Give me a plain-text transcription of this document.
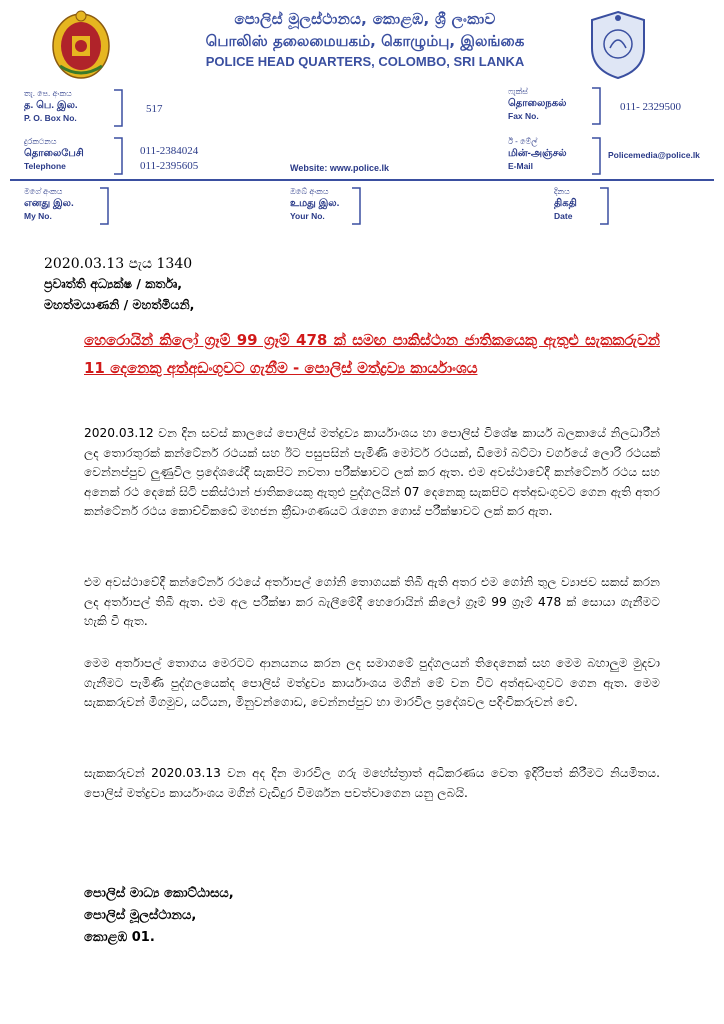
පොලිස් මූලස්ථානය, කොළඹ, ශ්‍රී ලංකාව
பொலிஸ் தலைமையகம், கொழும்பு, இலங்கை
POLICE HEAD QUARTERS, COLOMBO, SRI LANKA
තැ. පෙ. අංකය
த. பெ. இல.
P. O. Box No.
517
ෆැක්ස්
தொலைநகல்
Fax No.
011- 2329500
දුරකථනය
தொலைபேசி
Telephone
011-2384024
011-2395605	Website: www.police.lk
ඊ - මේල්
மின்-அஞ்சல்
E-Mail
Policemedia@police.lk
මගේ අංකය
எனது இல.
My No.
ඔබේ අංකය
உமது இல.
Your No.
දිනය
திகதி
Date
2020.03.13 පැය 1340
ප්‍රවෘත්ති අධ්‍යක්ෂ / කර්තෘ,
මහත්මයාණනි / මහත්මියනි,
හෙරොයින් කිලෝ ග්‍රෑම් 99 ග්‍රෑම් 478 ක් සමඟ පාකිස්ථාන ජාතිකයෙකු ඇතුළු සැකකරුවන් 11 දෙනෙකු අත්අඩංගුවට ගැනීම - පොලිස් මත්ද්‍රව්‍ය කාර්යාංශය
2020.03.12 වන දින සවස් කාලයේ පොලිස් මත්ද්‍රව්‍ය කාර්යාංශය හා පොලිස් විශේෂ කාර්ය බලකායේ නිලධාරීන් ලද තොරතුරක් කන්ටේනර් රථයක් සහ ඊට පසුපසින් පැමිණි මෝටර් රථයක්, ඩීමෝ බට්ටා වර්ගයේ ලොරි රථයක් වෙන්නප්පුව ලුණුවිල ප්‍රදේශයේදී සැකපිට නවතා පරීක්ෂාවට ලක් කර ඇත. එම අවස්ථාවේදී කන්ටේනර් රථය සහ අනෙක් රථ දෙකේ සිටි පකිස්ථාන් ජාතිකයෙකු ඇතුළු පුද්ගලයින් 07 දෙනෙකු සැකපිට අත්අඩංගුවට ගෙන ඇති අතර කන්ටේනර් රථය කොච්චිකඩේ මහජන ක්‍රීඩාංගණයට රැගෙන ගොස් පරීක්ෂාවට ලක් කර ඇත.
එම අවස්ථාවේදී කන්ටේනර් රථයේ අර්තාපල් ගෝනි තොගයක් තිබී ඇති අතර එම ගෝනි තුල ව්‍යාජව සකස් කරන ලද අර්තාපල් තිබී ඇත. එම අල පරීක්ෂා කර බැලීමේදී හෙරොයින් කිලෝ ග්‍රෑම් 99 ග්‍රෑම් 478 ක් සොයා ගැනීමට හැකි වී ඇත.
මෙම අර්තාපල් තොගය මෙරටට ආනයනය කරන ලද සමාගමේ පුද්ගලයන් තිදෙනෙක් සහ මෙම බහාලුම මුදවා ගැනීමට පැමිණි පුද්ගලයෙක්ද පොලිස් මත්ද්‍රව්‍ය කාර්යාංශය මගින් මේ වන විට අත්අඩංගුවට ගෙන ඇත. මෙම සැකකරුවන් මීගමුව, යටියන, මිනුවන්ගොඩ, වෙන්නප්පුව හා මාරවිල ප්‍රදේශවල පදිංචිකරුවන් වේ.
සැකකරුවන් 2020.03.13 වන අද දින මාරවිල ගරු මහේස්ත්‍රාත් අධිකරණය වෙත ඉදිරිපත් කිරීමට නියමිතය. පොලිස් මත්ද්‍රව්‍ය කාර්යාංශය මගින් වැඩිදුර විමර්ශන පවත්වාගෙන යනු ලබයි.
පොලිස් මාධ්‍ය කොට්ඨාසය,
පොලිස් මූලස්ථානය,
කොළඹ 01.
